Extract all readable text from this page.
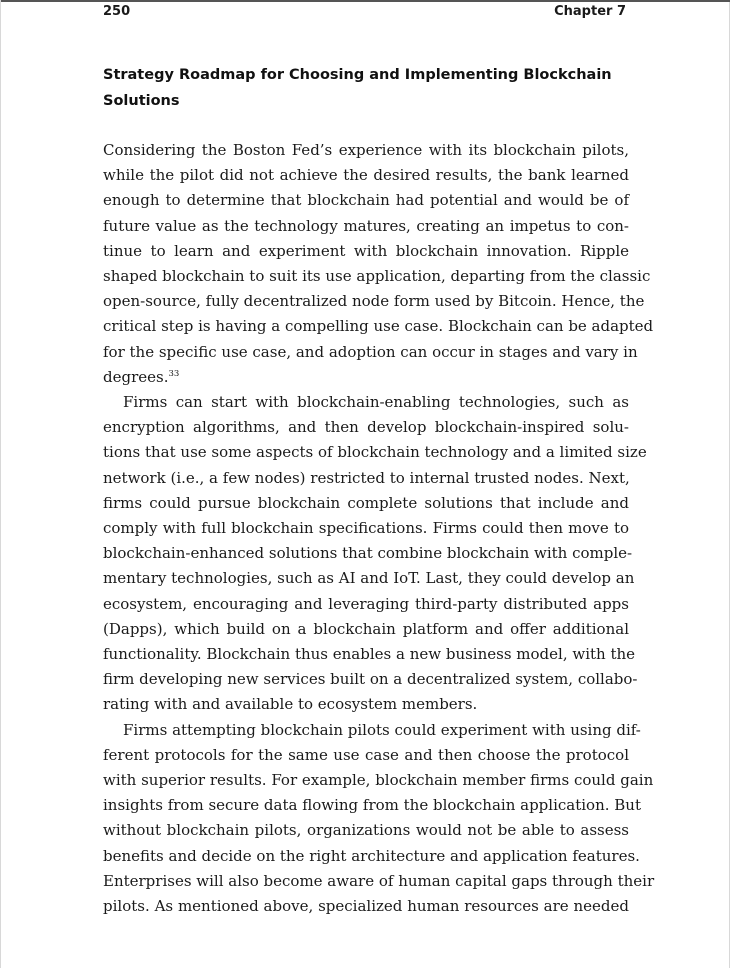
250	Chapter 7
Strategy Roadmap for Choosing and Implementing Blockchain
Solutions

Considering the Boston Fed’s experience with its blockchain pilots,
while the pilot did not achieve the desired results, the bank learned
enough to determine that blockchain had potential and would be of
future value as the technology matures, creating an impetus to con-
tinue to learn and experiment with blockchain innovation. Ripple
shaped blockchain to suit its use application, departing from the classic
open-source, fully decentralized node form used by Bitcoin. Hence, the
critical step is having a compelling use case. Blockchain can be adapted
for the specific use case, and adoption can occur in stages and vary in
degrees.$^{33}$

Firms can start with blockchain-enabling technologies, such as
encryption algorithms, and then develop blockchain-inspired solu-
tions that use some aspects of blockchain technology and a limited size
network (i.e., a few nodes) restricted to internal trusted nodes. Next,
firms could pursue blockchain complete solutions that include and
comply with full blockchain specifications. Firms could then move to
blockchain-enhanced solutions that combine blockchain with comple-
mentary technologies, such as AI and IoT. Last, they could develop an
ecosystem, encouraging and leveraging third-party distributed apps
(Dapps), which build on a blockchain platform and offer additional
functionality. Blockchain thus enables a new business model, with the
firm developing new services built on a decentralized system, collabo-
rating with and available to ecosystem members.

Firms attempting blockchain pilots could experiment with using dif-
ferent protocols for the same use case and then choose the protocol
with superior results. For example, blockchain member firms could gain
insights from secure data flowing from the blockchain application. But
without blockchain pilots, organizations would not be able to assess
benefits and decide on the right architecture and application features.
Enterprises will also become aware of human capital gaps through their
pilots. As mentioned above, specialized human resources are needed
